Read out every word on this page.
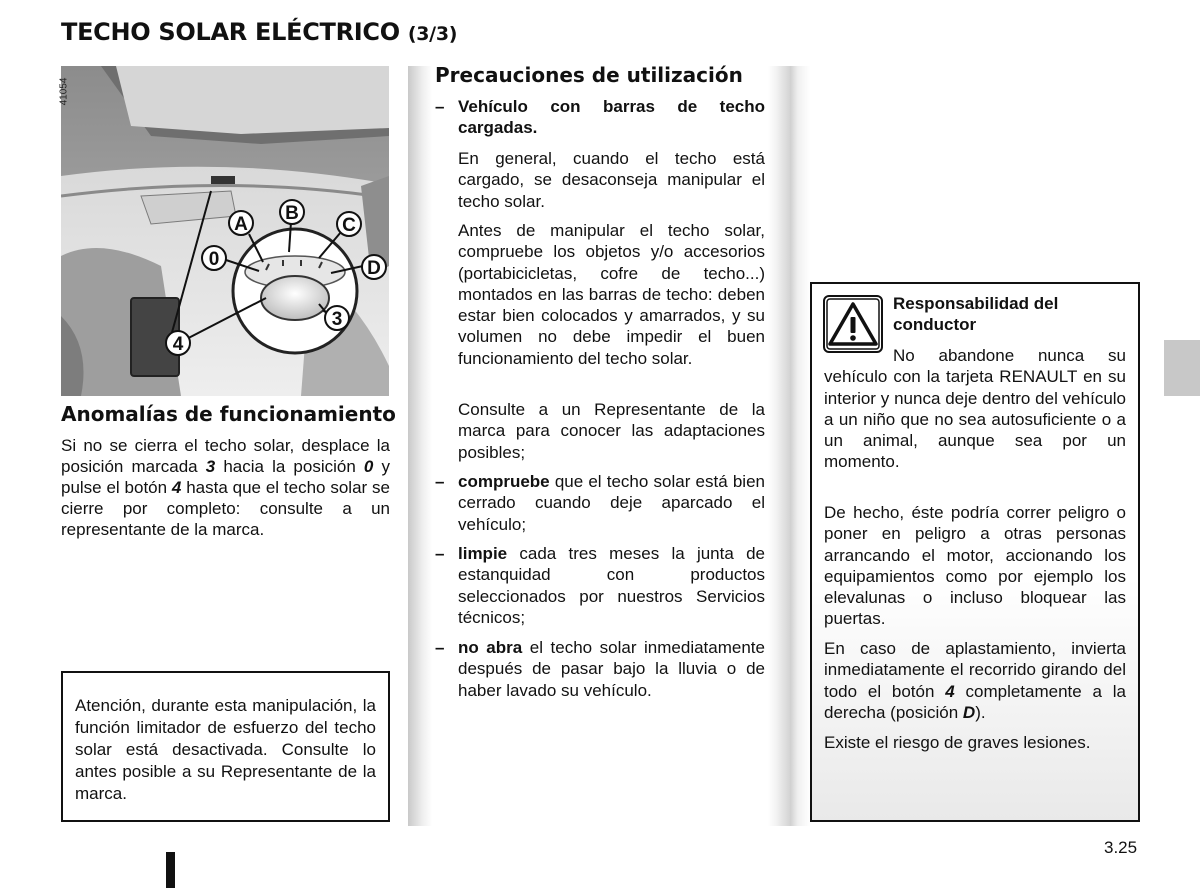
TECHO SOLAR ELÉCTRICO (3/3)
A
B
C
0	D
3
4
41054
Anomalías de funcionamiento
Si no se cierra el techo solar, desplace la posición marcada 3 hacia la posición 0 y pulse el botón 4 hasta que el techo solar se cierre por completo: consulte a un representante de la marca.
Atención, durante esta manipulación, la función limitador de esfuerzo del techo solar está desactivada. Consulte lo antes posible a su Representante de la marca.
Precauciones de utilización
– Vehículo con barras de techo cargadas.
En general, cuando el techo está cargado, se desaconseja manipular el techo solar.
Antes de manipular el techo solar, compruebe los objetos y/o accesorios (portabicicletas, cofre de techo...) montados en las barras de techo: deben estar bien colocados y amarrados, y su volumen no debe impedir el buen funcionamiento del techo solar.
Consulte a un Representante de la marca para conocer las adaptaciones posibles;
– compruebe que el techo solar está bien cerrado cuando deje aparcado el vehículo;
– limpie cada tres meses la junta de estanquidad con productos seleccionados por nuestros Servicios técnicos;
– no abra el techo solar inmediatamente después de pasar bajo la lluvia o de haber lavado su vehículo.
Responsabilidad del conductor
No abandone nunca su vehículo con la tarjeta RENAULT en su interior y nunca deje dentro del vehículo a un niño que no sea autosuficiente o a un animal, aunque sea por un momento.
De hecho, éste podría correr peligro o poner en peligro a otras personas arrancando el motor, accionando los equipamientos como por ejemplo los elevalunas o incluso bloquear las puertas.
En caso de aplastamiento, invierta inmediatamente el recorrido girando del todo el botón 4 completamente a la derecha (posición D).
Existe el riesgo de graves lesiones.
3.25
